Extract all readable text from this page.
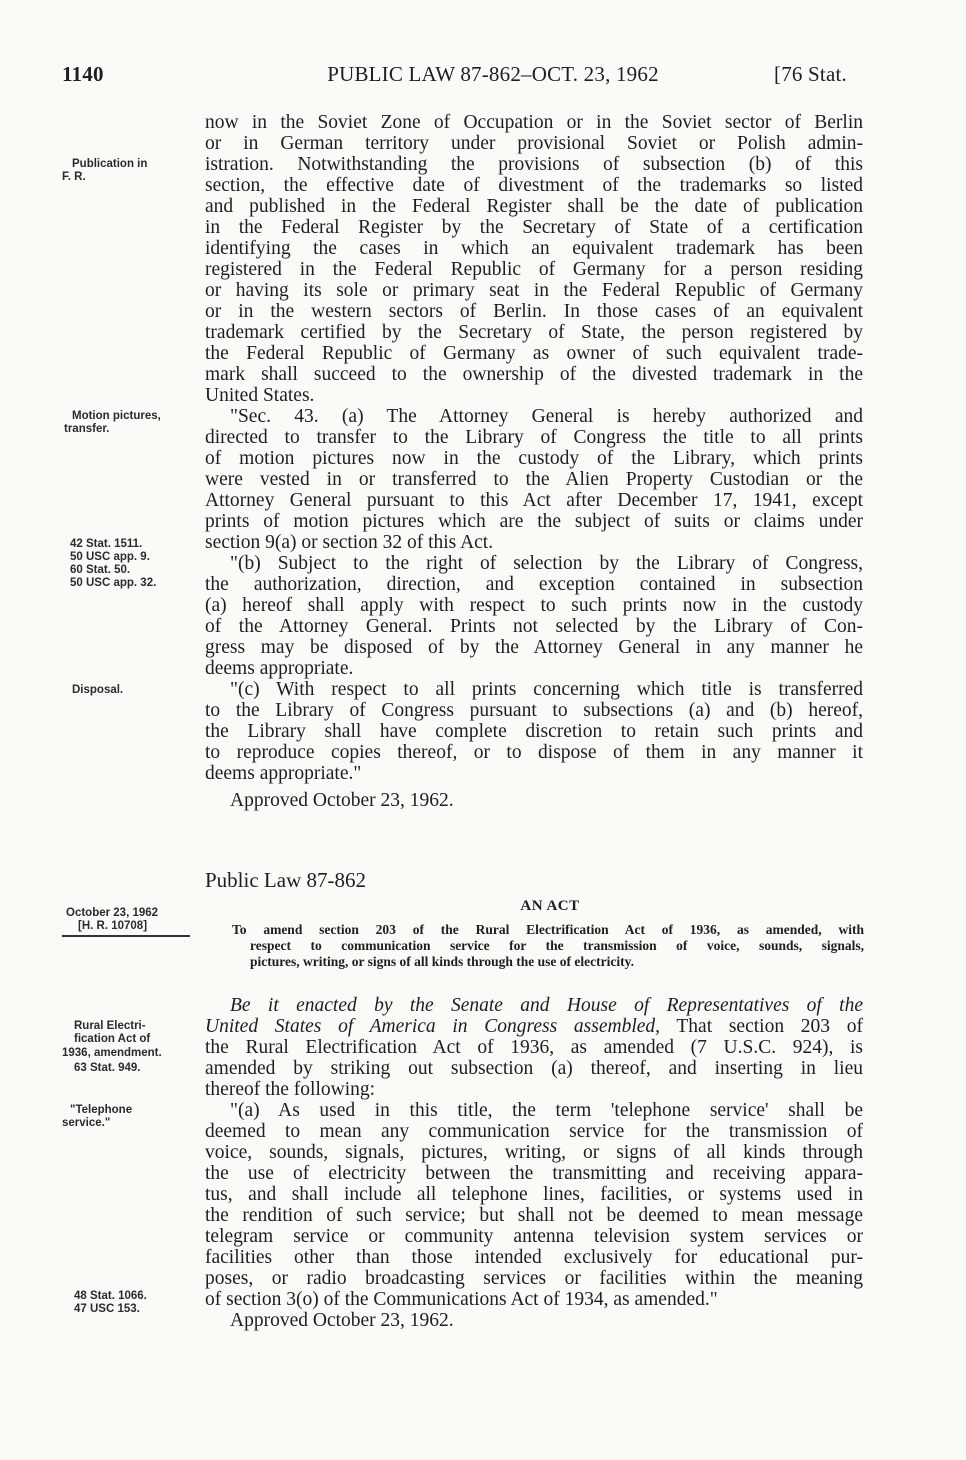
1140	PUBLIC LAW 87-862–OCT. 23, 1962	[76 Stat.
Publication in
F. R.
Motion pictures,
transfer.
42 Stat. 1511.
50 USC app. 9.
60 Stat. 50.
50 USC app. 32.
Disposal.
October 23, 1962
[H. R. 10708]
Rural Electri-
fication Act of
1936, amendment.
63 Stat. 949.
"Telephone
service."
48 Stat. 1066.
47 USC 153.
now in the Soviet Zone of Occupation or in the Soviet sector of Berlin
or in German territory under provisional Soviet or Polish admin-
istration. Notwithstanding the provisions of subsection (b) of this
section, the effective date of divestment of the trademarks so listed
and published in the Federal Register shall be the date of publication
in the Federal Register by the Secretary of State of a certification
identifying the cases in which an equivalent trademark has been
registered in the Federal Republic of Germany for a person residing
or having its sole or primary seat in the Federal Republic of Germany
or in the western sectors of Berlin. In those cases of an equivalent
trademark certified by the Secretary of State, the person registered by
the Federal Republic of Germany as owner of such equivalent trade-
mark shall succeed to the ownership of the divested trademark in the
United States.
"Sec. 43. (a) The Attorney General is hereby authorized and
directed to transfer to the Library of Congress the title to all prints
of motion pictures now in the custody of the Library, which prints
were vested in or transferred to the Alien Property Custodian or the
Attorney General pursuant to this Act after December 17, 1941, except
prints of motion pictures which are the subject of suits or claims under
section 9(a) or section 32 of this Act.
"(b) Subject to the right of selection by the Library of Congress,
the authorization, direction, and exception contained in subsection
(a) hereof shall apply with respect to such prints now in the custody
of the Attorney General. Prints not selected by the Library of Con-
gress may be disposed of by the Attorney General in any manner he
deems appropriate.
"(c) With respect to all prints concerning which title is transferred
to the Library of Congress pursuant to subsections (a) and (b) hereof,
the Library shall have complete discretion to retain such prints and
to reproduce copies thereof, or to dispose of them in any manner it
deems appropriate."
Approved October 23, 1962.
Public Law 87-862
AN ACT
To amend section 203 of the Rural Electrification Act of 1936, as amended, with
respect to communication service for the transmission of voice, sounds, signals,
pictures, writing, or signs of all kinds through the use of electricity.
Be it enacted by the Senate and House of Representatives of the
United States of America in Congress assembled, That section 203 of
the Rural Electrification Act of 1936, as amended (7 U.S.C. 924), is
amended by striking out subsection (a) thereof, and inserting in lieu
thereof the following:
"(a) As used in this title, the term 'telephone service' shall be
deemed to mean any communication service for the transmission of
voice, sounds, signals, pictures, writing, or signs of all kinds through
the use of electricity between the transmitting and receiving appara-
tus, and shall include all telephone lines, facilities, or systems used in
the rendition of such service; but shall not be deemed to mean message
telegram service or community antenna television system services or
facilities other than those intended exclusively for educational pur-
poses, or radio broadcasting services or facilities within the meaning
of section 3(o) of the Communications Act of 1934, as amended."
Approved October 23, 1962.
